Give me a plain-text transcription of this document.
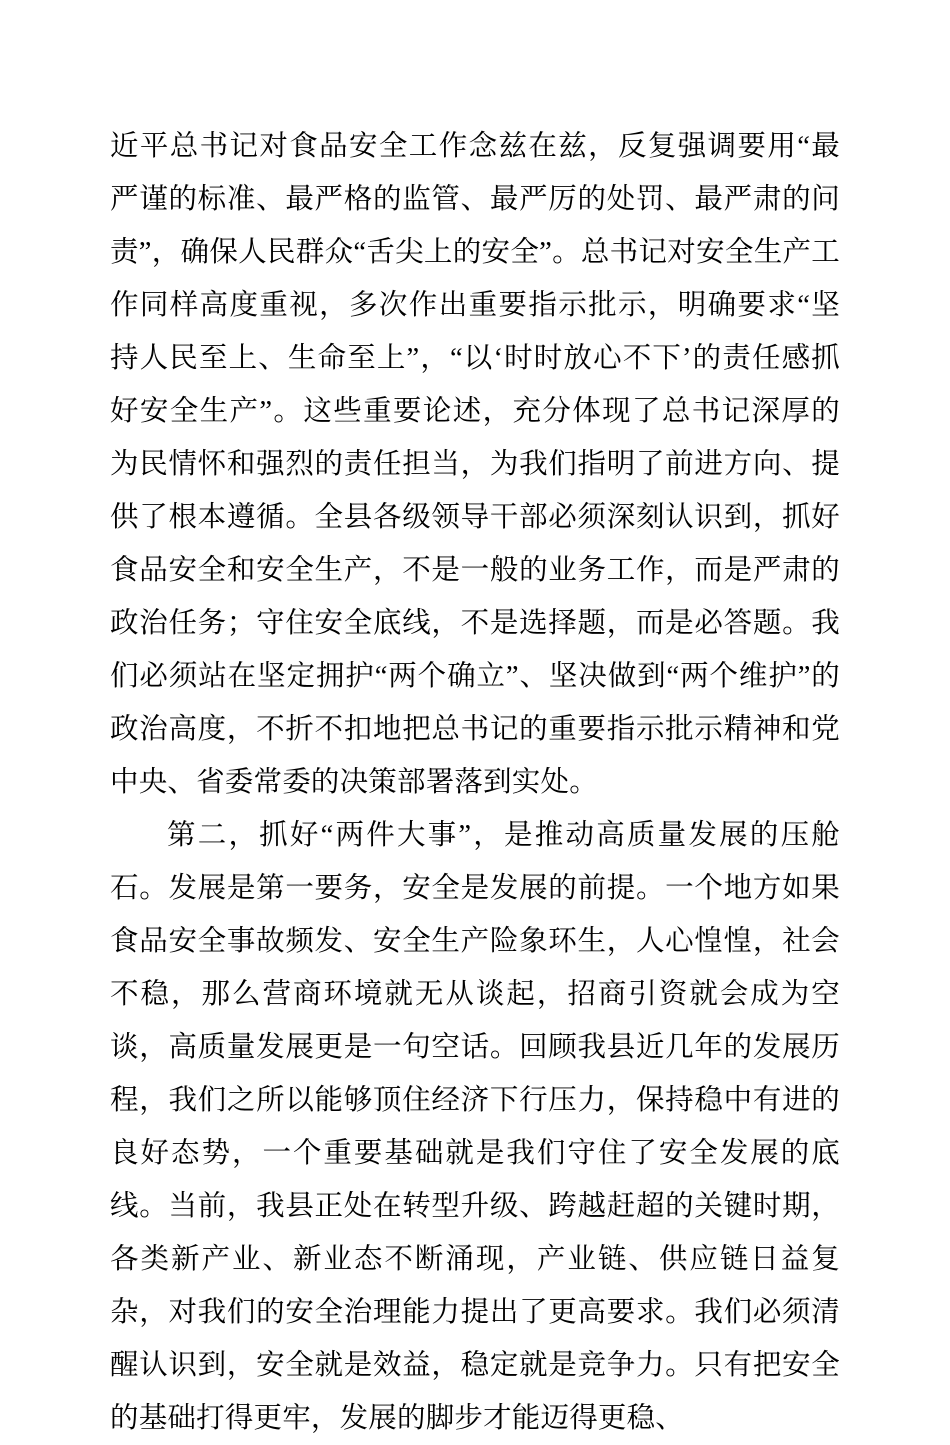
近平总书记对食品安全工作念兹在兹，反复强调要用“最严谨的标准、最严格的监管、最严厉的处罚、最严肃的问责”，确保人民群众“舌尖上的安全”。总书记对安全生产工作同样高度重视，多次作出重要指示批示，明确要求“坚持人民至上、生命至上”，“以‘时时放心不下’的责任感抓好安全生产”。这些重要论述，充分体现了总书记深厚的为民情怀和强烈的责任担当，为我们指明了前进方向、提供了根本遵循。全县各级领导干部必须深刻认识到，抓好食品安全和安全生产，不是一般的业务工作，而是严肃的政治任务；守住安全底线，不是选择题，而是必答题。我们必须站在坚定拥护“两个确立”、坚决做到“两个维护”的政治高度，不折不扣地把总书记的重要指示批示精神和党中央、省委常委的决策部署落到实处。

第二，抓好“两件大事”，是推动高质量发展的压舱石。发展是第一要务，安全是发展的前提。一个地方如果食品安全事故频发、安全生产险象环生，人心惶惶，社会不稳，那么营商环境就无从谈起，招商引资就会成为空谈，高质量发展更是一句空话。回顾我县近几年的发展历程，我们之所以能够顶住经济下行压力，保持稳中有进的良好态势，一个重要基础就是我们守住了安全发展的底线。当前，我县正处在转型升级、跨越赶超的关键时期，各类新产业、新业态不断涌现，产业链、供应链日益复杂，对我们的安全治理能力提出了更高要求。我们必须清醒认识到，安全就是效益，稳定就是竞争力。只有把安全的基础打得更牢，发展的脚步才能迈得更稳、
